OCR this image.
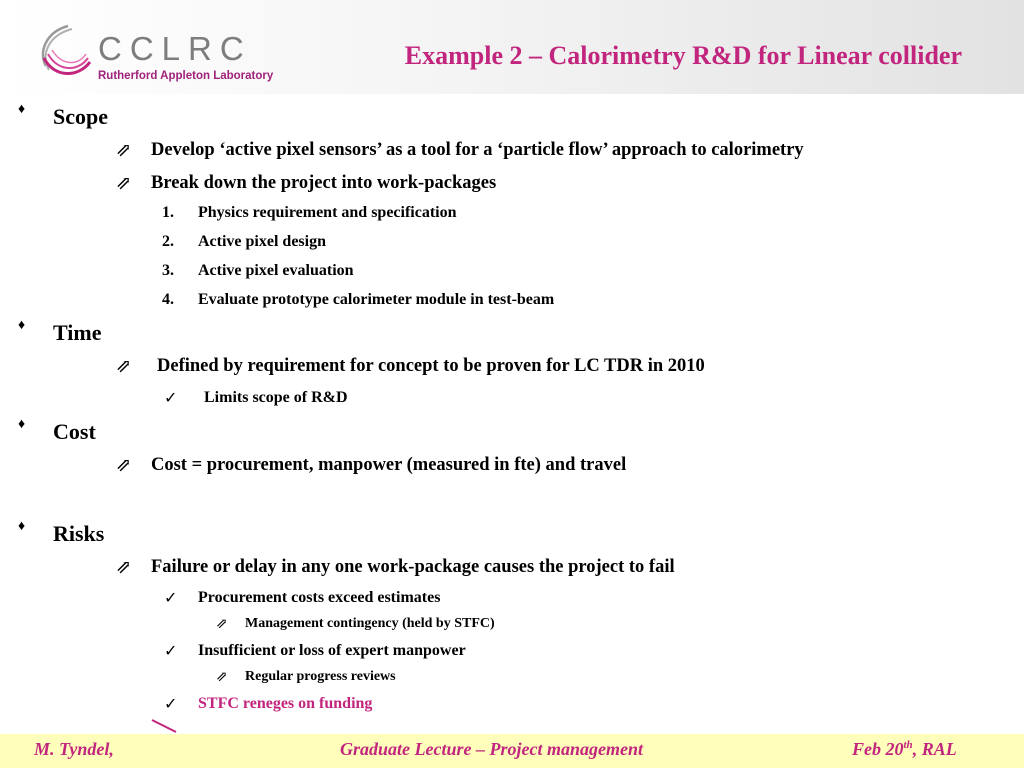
CCLRC
Rutherford Appleton Laboratory
Example 2 – Calorimetry R&D for Linear collider
♦ Scope
⇗ Develop ‘active pixel sensors’ as a tool for a ‘particle flow’ approach to calorimetry
⇗ Break down the project into work-packages
1. Physics requirement and specification
2. Active pixel design
3. Active pixel evaluation
4. Evaluate prototype calorimeter module in test-beam
♦ Time
⇗ Defined by requirement for concept to be proven for LC TDR in 2010
✓ Limits scope of R&D
♦ Cost
⇗ Cost = procurement, manpower (measured in fte) and travel
♦ Risks
⇗ Failure or delay in any one work-package causes the project to fail
✓ Procurement costs exceed estimates
⇗ Management contingency (held by STFC)
✓ Insufficient or loss of expert manpower
⇗ Regular progress reviews
✓ STFC reneges on funding
M. Tyndel,	Graduate Lecture – Project management	Feb 20th, RAL
